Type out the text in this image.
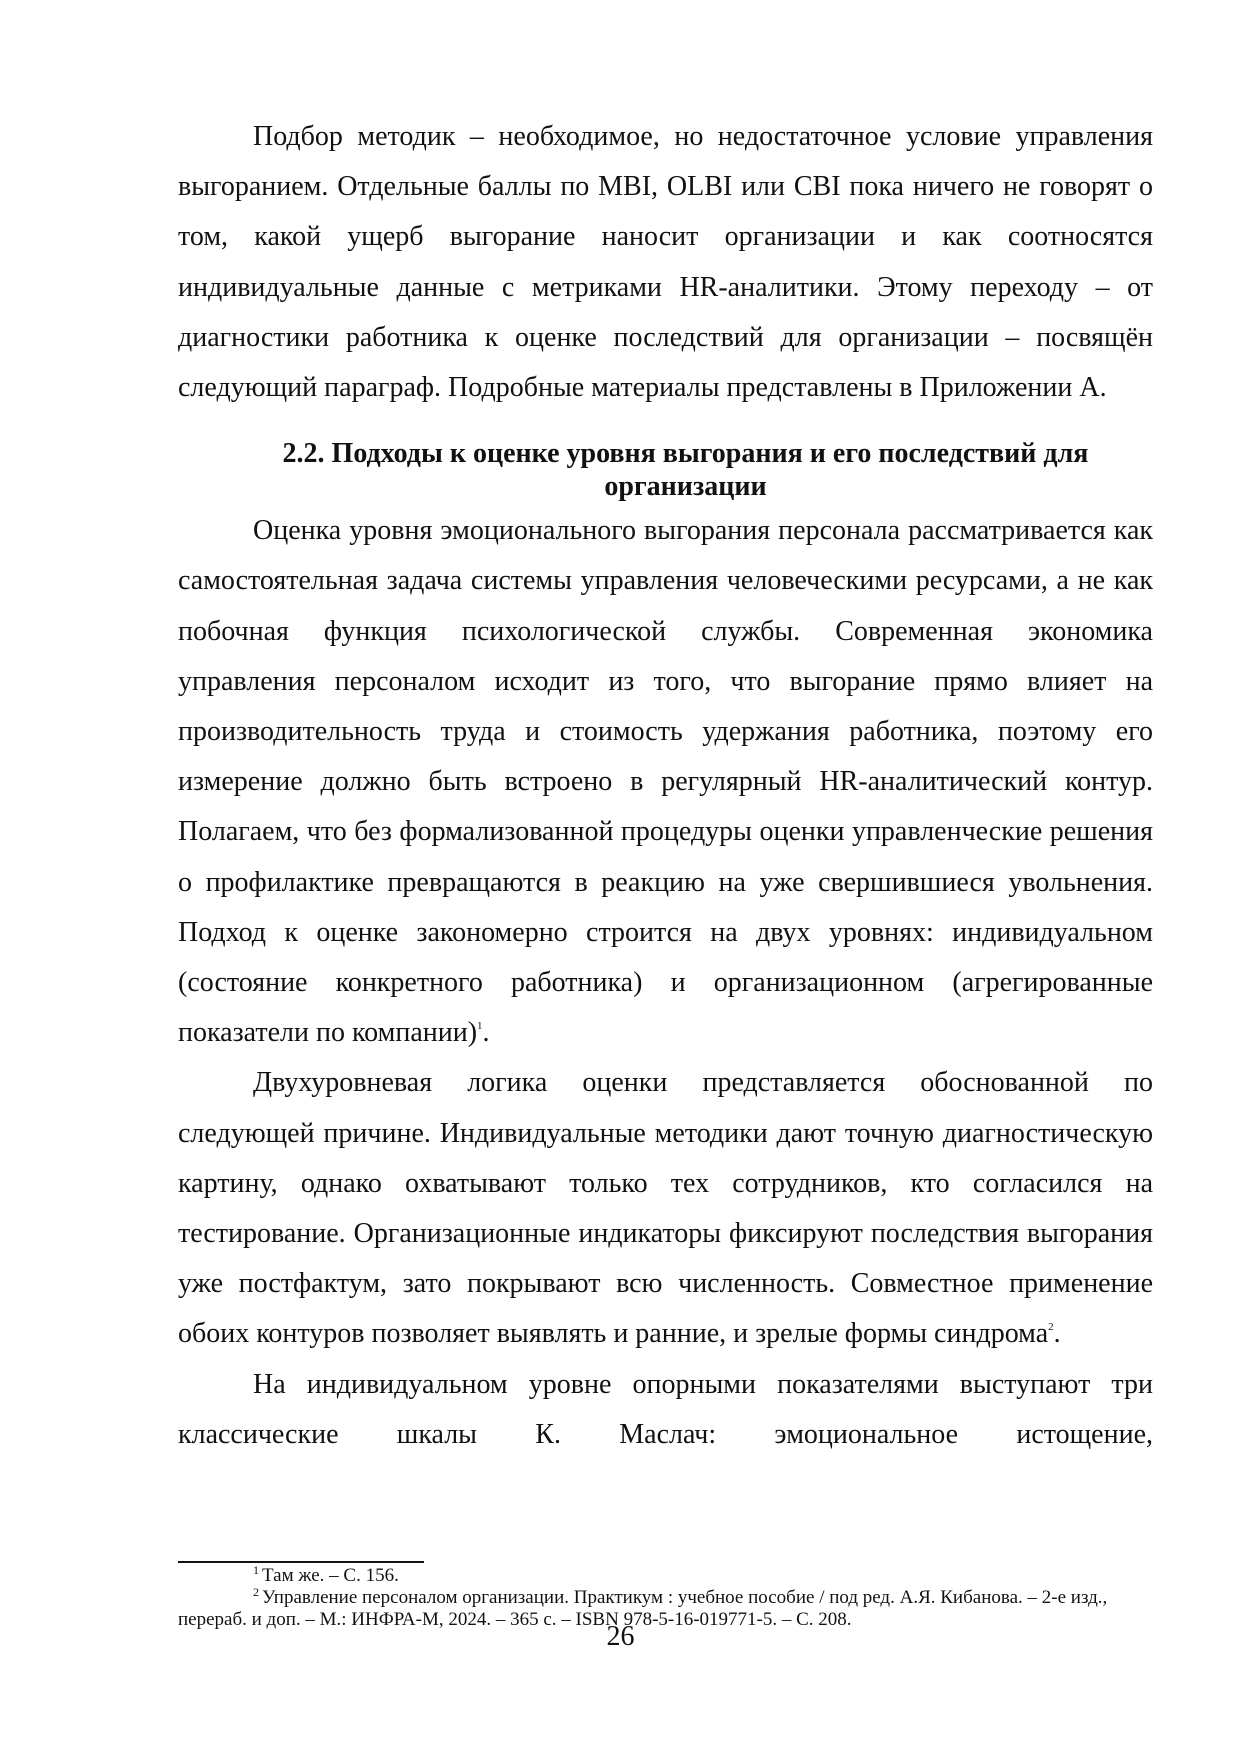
Подбор методик – необходимое, но недостаточное условие управления выгоранием. Отдельные баллы по MBI, OLBI или CBI пока ничего не говорят о том, какой ущерб выгорание наносит организации и как соотносятся индивидуальные данные с метриками HR-аналитики. Этому переходу – от диагностики работника к оценке последствий для организации – посвящён следующий параграф. Подробные материалы представлены в Приложении А.

2.2. Подходы к оценке уровня выгорания и его последствий для
организации

Оценка уровня эмоционального выгорания персонала рассматривается как самостоятельная задача системы управления человеческими ресурсами, а не как побочная функция психологической службы. Современная экономика управления персоналом исходит из того, что выгорание прямо влияет на производительность труда и стоимость удержания работника, поэтому его измерение должно быть встроено в регулярный HR-аналитический контур. Полагаем, что без формализованной процедуры оценки управленческие решения о профилактике превращаются в реакцию на уже свершившиеся увольнения. Подход к оценке закономерно строится на двух уровнях: индивидуальном (состояние конкретного работника) и организационном (агрегированные показатели по компании)$^1$.

Двухуровневая логика оценки представляется обоснованной по следующей причине. Индивидуальные методики дают точную диагностическую картину, однако охватывают только тех сотрудников, кто согласился на тестирование. Организационные индикаторы фиксируют последствия выгорания уже постфактум, зато покрывают всю численность. Совместное применение обоих контуров позволяет выявлять и ранние, и зрелые формы синдрома$^2$.

На индивидуальном уровне опорными показателями выступают три классические шкалы К. Маслач: эмоциональное истощение,

$^1$ Там же. – С. 156.

$^2$ Управление персоналом организации. Практикум : учебное пособие / под ред. А.Я. Кибанова. – 2-е изд., перераб. и доп. – М.: ИНФРА-М, 2024. – 365 с. – ISBN 978-5-16-019771-5. – С. 208.

26
